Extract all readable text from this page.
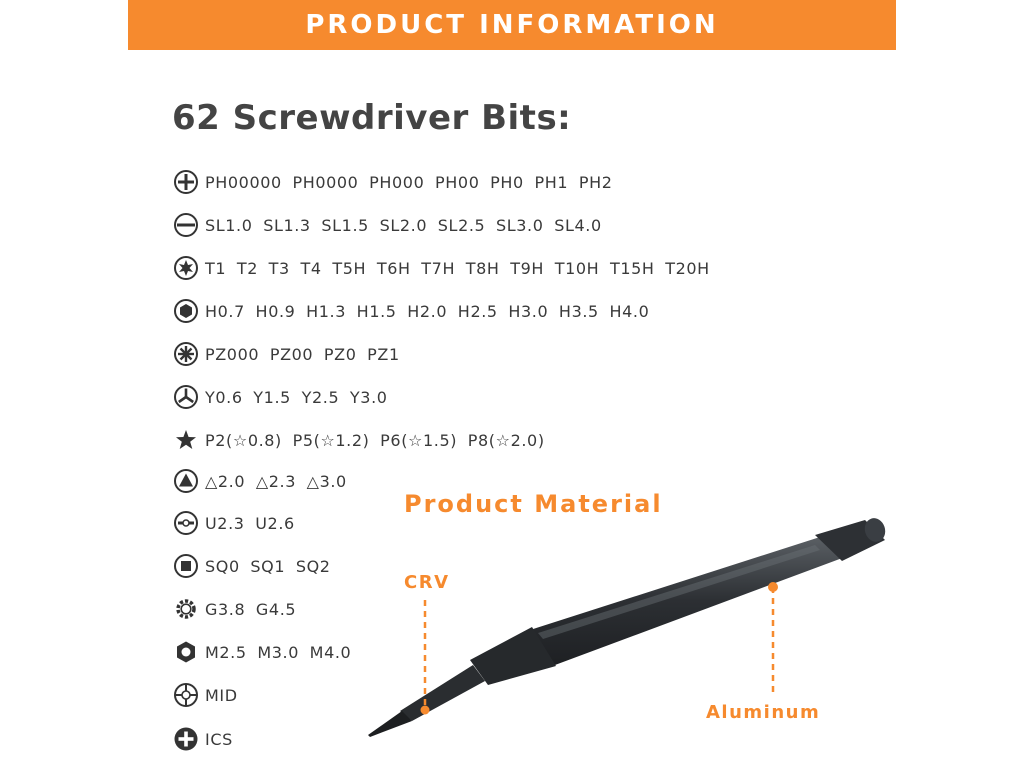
PRODUCT INFORMATION
62 Screwdriver Bits:
PH00000 PH0000 PH000 PH00 PH0 PH1 PH2
SL1.0 SL1.3 SL1.5 SL2.0 SL2.5 SL3.0 SL4.0
T1 T2 T3 T4 T5H T6H T7H T8H T9H T10H T15H T20H
H0.7 H0.9 H1.3 H1.5 H2.0 H2.5 H3.0 H3.5 H4.0
PZ000 PZ00 PZ0 PZ1
Y0.6 Y1.5 Y2.5 Y3.0
P2(☆0.8) P5(☆1.2) P6(☆1.5) P8(☆2.0)
△2.0 △2.3 △3.0
U2.3 U2.6
SQ0 SQ1 SQ2
G3.8 G4.5
M2.5 M3.0 M4.0
MID
ICS
Product Material
CRV
Aluminum
